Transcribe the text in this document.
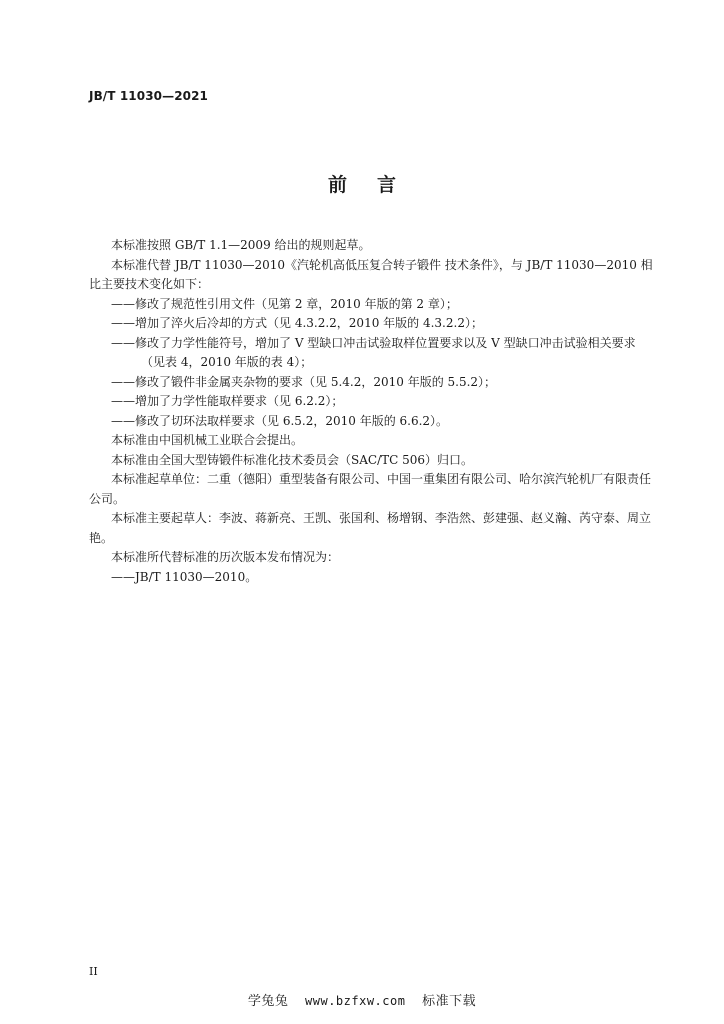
JB/T 11030—2021
前言

本标准按照 GB/T 1.1—2009 给出的规则起草。

本标准代替 JB/T 11030—2010《汽轮机高低压复合转子锻件 技术条件》，与 JB/T 11030—2010 相比主要技术变化如下：

——修改了规范性引用文件（见第 2 章，2010 年版的第 2 章）；

——增加了淬火后冷却的方式（见 4.3.2.2，2010 年版的 4.3.2.2）；

——修改了力学性能符号，增加了 V 型缺口冲击试验取样位置要求以及 V 型缺口冲击试验相关要求（见表 4，2010 年版的表 4）；

——修改了锻件非金属夹杂物的要求（见 5.4.2，2010 年版的 5.5.2）；

——增加了力学性能取样要求（见 6.2.2）；

——修改了切环法取样要求（见 6.5.2，2010 年版的 6.6.2）。

本标准由中国机械工业联合会提出。

本标准由全国大型铸锻件标准化技术委员会（SAC/TC 506）归口。

本标准起草单位：二重（德阳）重型装备有限公司、中国一重集团有限公司、哈尔滨汽轮机厂有限责任公司。

本标准主要起草人：李波、蒋新亮、王凯、张国利、杨增钢、李浩然、彭建强、赵义瀚、芮守泰、周立艳。

本标准所代替标准的历次版本发布情况为：

——JB/T 11030—2010。

II
学兔兔 www.bzfxw.com 标准下载
